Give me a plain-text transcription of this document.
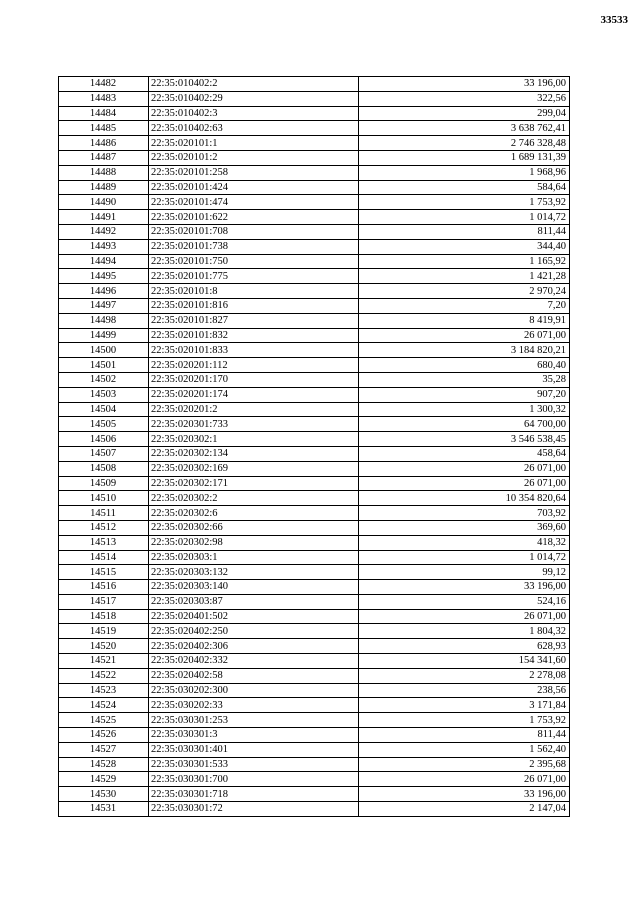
33533
14482	22:35:010402:2	33 196,00
14483	22:35:010402:29	322,56
14484	22:35:010402:3	299,04
14485	22:35:010402:63	3 638 762,41
14486	22:35:020101:1	2 746 328,48
14487	22:35:020101:2	1 689 131,39
14488	22:35:020101:258	1 968,96
14489	22:35:020101:424	584,64
14490	22:35:020101:474	1 753,92
14491	22:35:020101:622	1 014,72
14492	22:35:020101:708	811,44
14493	22:35:020101:738	344,40
14494	22:35:020101:750	1 165,92
14495	22:35:020101:775	1 421,28
14496	22:35:020101:8	2 970,24
14497	22:35:020101:816	7,20
14498	22:35:020101:827	8 419,91
14499	22:35:020101:832	26 071,00
14500	22:35:020101:833	3 184 820,21
14501	22:35:020201:112	680,40
14502	22:35:020201:170	35,28
14503	22:35:020201:174	907,20
14504	22:35:020201:2	1 300,32
14505	22:35:020301:733	64 700,00
14506	22:35:020302:1	3 546 538,45
14507	22:35:020302:134	458,64
14508	22:35:020302:169	26 071,00
14509	22:35:020302:171	26 071,00
14510	22:35:020302:2	10 354 820,64
14511	22:35:020302:6	703,92
14512	22:35:020302:66	369,60
14513	22:35:020302:98	418,32
14514	22:35:020303:1	1 014,72
14515	22:35:020303:132	99,12
14516	22:35:020303:140	33 196,00
14517	22:35:020303:87	524,16
14518	22:35:020401:502	26 071,00
14519	22:35:020402:250	1 804,32
14520	22:35:020402:306	628,93
14521	22:35:020402:332	154 341,60
14522	22:35:020402:58	2 278,08
14523	22:35:030202:300	238,56
14524	22:35:030202:33	3 171,84
14525	22:35:030301:253	1 753,92
14526	22:35:030301:3	811,44
14527	22:35:030301:401	1 562,40
14528	22:35:030301:533	2 395,68
14529	22:35:030301:700	26 071,00
14530	22:35:030301:718	33 196,00
14531	22:35:030301:72	2 147,04
